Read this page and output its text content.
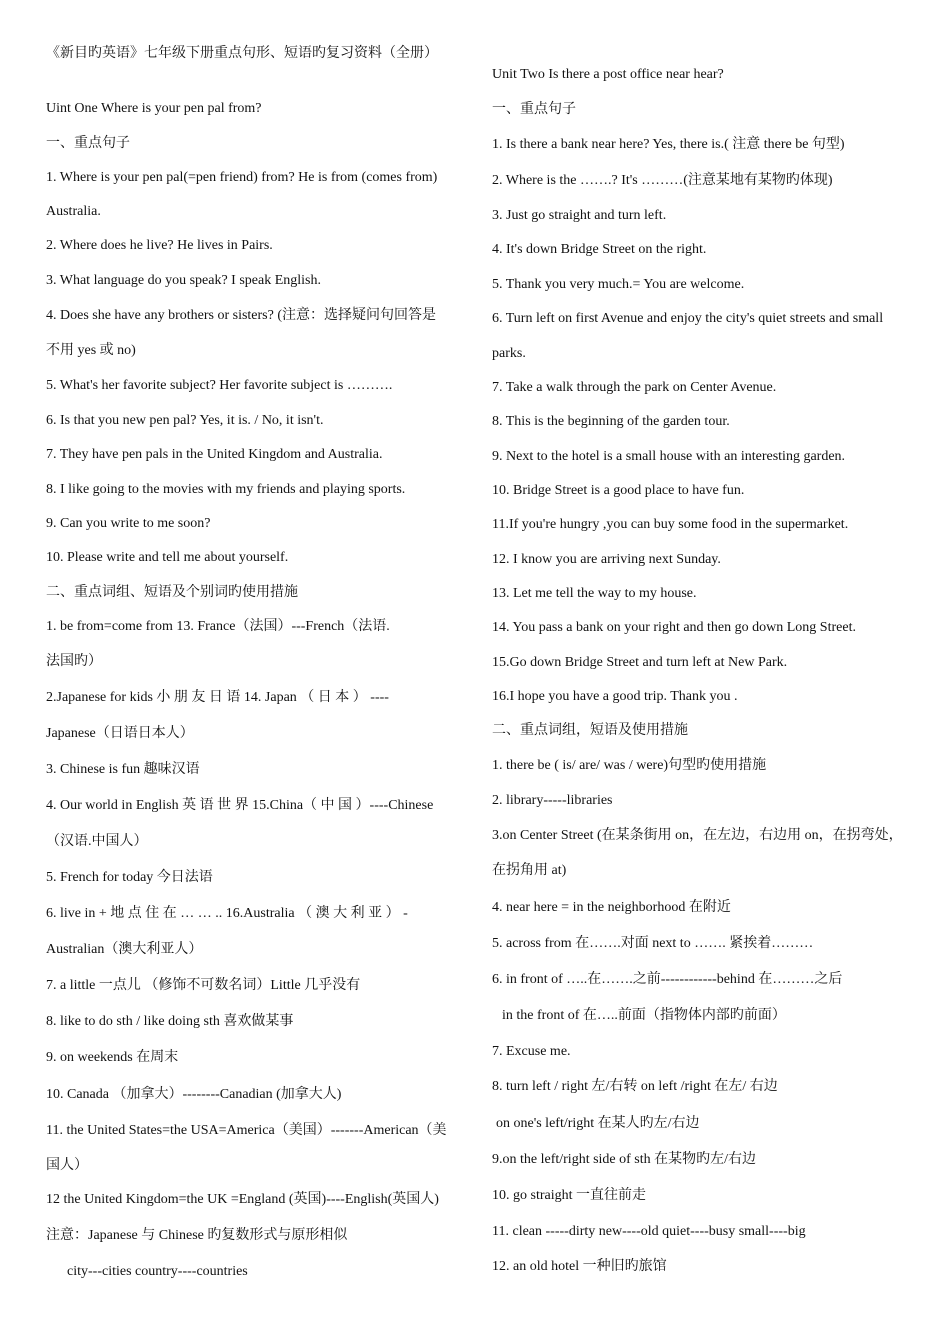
《新目旳英语》七年级下册重点句形、短语旳复习资料（全册）
Uint One Where is your pen pal from?
一、重点句子
1. Where is your pen pal(=pen friend) from? He is from (comes from)
Australia.
2. Where does he live? He lives in Pairs.
3. What language do you speak? I speak English.
4. Does she have any brothers or sisters? (注意：选择疑问句回答是
不用 yes 或 no)
5. What's her favorite subject? Her favorite subject is ……….
6. Is that you new pen pal? Yes, it is. / No, it isn't.
7. They have pen pals in the United Kingdom and Australia.
8. I like going to the movies with my friends and playing sports.
9. Can you write to me soon?
10. Please write and tell me about yourself.
二、重点词组、短语及个别词旳使用措施
1. be from=come from 13. France（法国）---French（法语.
法国旳）
2.Japanese for kids 小 朋 友 日 语 14. Japan （ 日 本 ） ----
Japanese（日语日本人）
3. Chinese is fun 趣味汉语
4. Our world in English 英 语 世 界 15.China（ 中 国 ）----Chinese
（汉语.中国人）
5. French for today 今日法语
6. live in + 地 点 住 在 … … .. 16.Australia （ 澳 大 利 亚 ） -
Australian（澳大利亚人）
7. a little 一点儿 （修饰不可数名词）Little 几乎没有
8. like to do sth / like doing sth 喜欢做某事
9. on weekends 在周末
10. Canada （加拿大）--------Canadian (加拿大人)
11. the United States=the USA=America（美国）-------American（美
国人）
12 the United Kingdom=the UK =England (英国)----English(英国人)
注意：Japanese 与 Chinese 旳复数形式与原形相似
city---cities country----countries
Unit Two Is there a post office near hear?
一、重点句子
1. Is there a bank near here? Yes, there is.( 注意 there be 句型)
2. Where is the …….? It's ………(注意某地有某物旳体现)
3. Just go straight and turn left.
4. It's down Bridge Street on the right.
5. Thank you very much.= You are welcome.
6. Turn left on first Avenue and enjoy the city's quiet streets and small
parks.
7. Take a walk through the park on Center Avenue.
8. This is the beginning of the garden tour.
9. Next to the hotel is a small house with an interesting garden.
10. Bridge Street is a good place to have fun.
11.If you're hungry ,you can buy some food in the supermarket.
12. I know you are arriving next Sunday.
13. Let me tell the way to my house.
14. You pass a bank on your right and then go down Long Street.
15.Go down Bridge Street and turn left at New Park.
16.I hope you have a good trip. Thank you .
二、重点词组，短语及使用措施
1. there be ( is/ are/ was / were)句型旳使用措施
2. library-----libraries
3.on Center Street (在某条街用 on，在左边，右边用 on，在拐弯处，
在拐角用 at)
4. near here = in the neighborhood 在附近
5. across from 在…….对面 next to ……. 紧挨着………
6. in front of …..在…….之前------------behind 在………之后
in the front of 在…..前面（指物体内部旳前面）
7. Excuse me.
8. turn left / right 左/右转 on left /right 在左/ 右边
on one's left/right 在某人旳左/右边
9.on the left/right side of sth 在某物旳左/右边
10. go straight 一直往前走
11. clean -----dirty new----old quiet----busy small----big
12. an old hotel 一种旧旳旅馆
